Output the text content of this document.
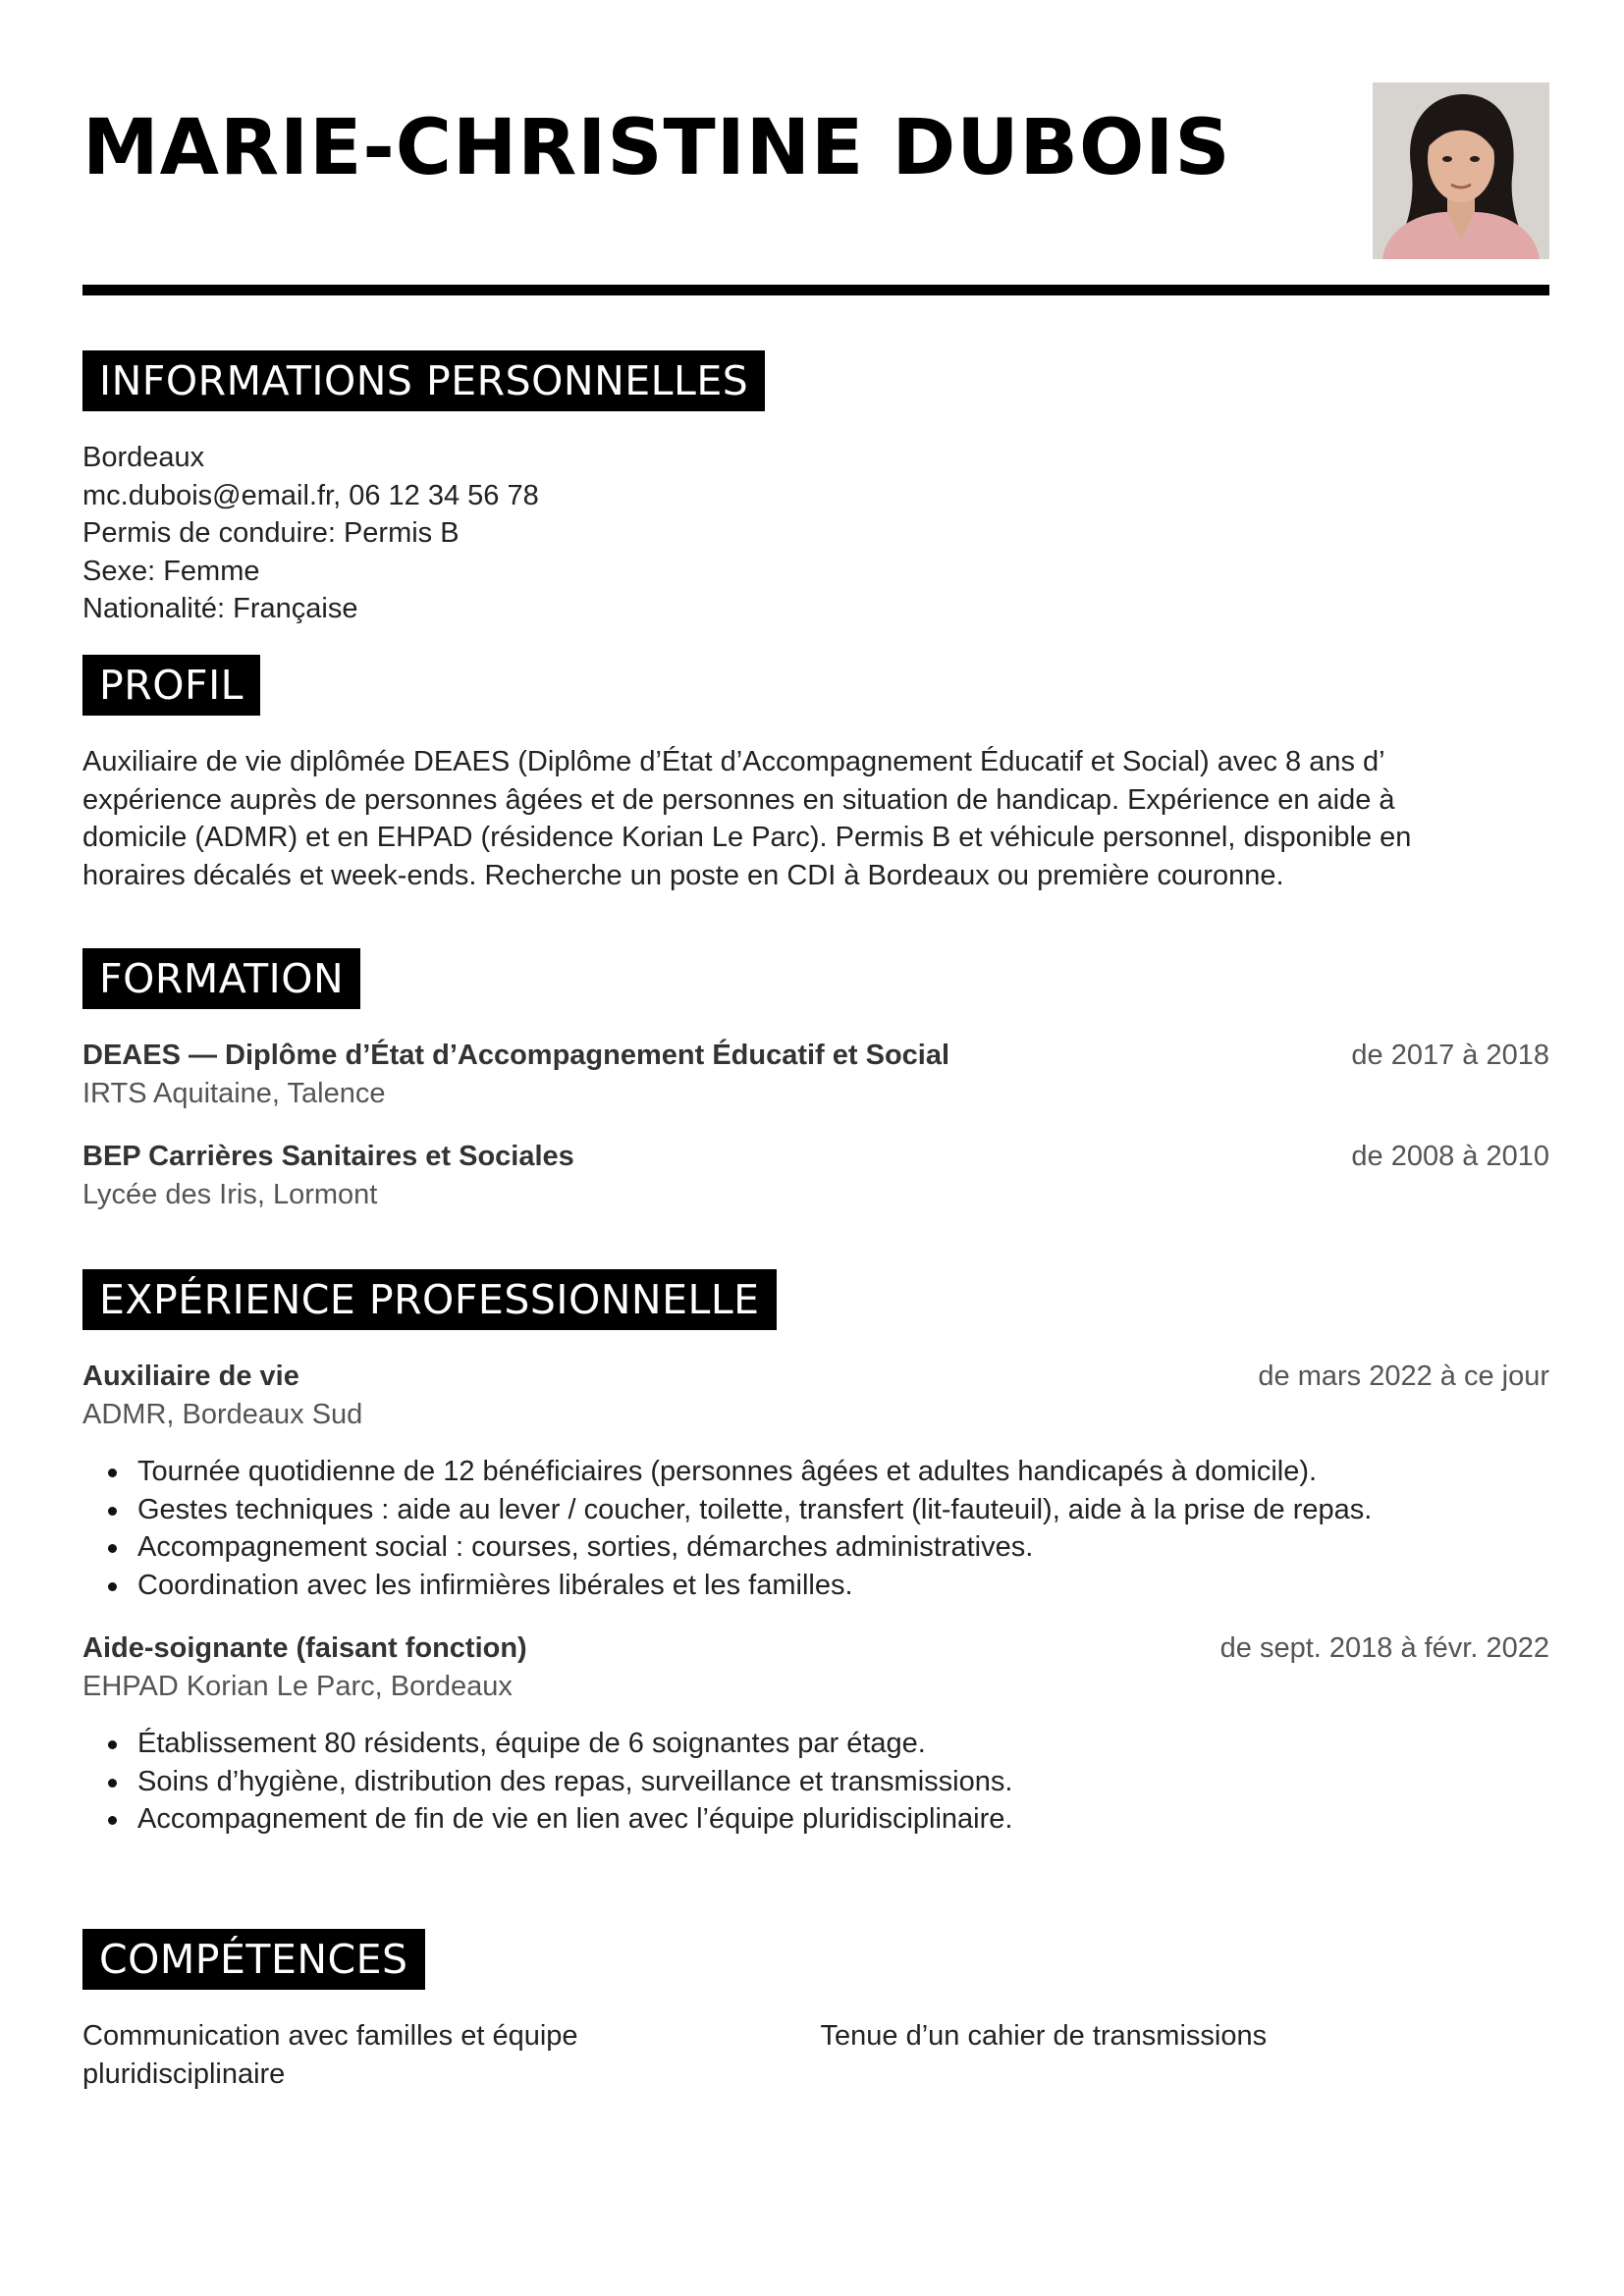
MARIE-CHRISTINE DUBOIS
INFORMATIONS PERSONNELLES
Bordeaux
mc.dubois@email.fr, 06 12 34 56 78
Permis de conduire: Permis B
Sexe: Femme
Nationalité: Française
PROFIL
Auxiliaire de vie diplômée DEAES (Diplôme d’État d’Accompagnement Éducatif et Social) avec 8 ans d’
expérience auprès de personnes âgées et de personnes en situation de handicap. Expérience en aide à
domicile (ADMR) et en EHPAD (résidence Korian Le Parc). Permis B et véhicule personnel, disponible en
horaires décalés et week-ends. Recherche un poste en CDI à Bordeaux ou première couronne.
FORMATION
DEAES — Diplôme d’État d’Accompagnement Éducatif et Social	de 2017 à 2018
IRTS Aquitaine, Talence
BEP Carrières Sanitaires et Sociales	de 2008 à 2010
Lycée des Iris, Lormont
EXPÉRIENCE PROFESSIONNELLE
Auxiliaire de vie	de mars 2022 à ce jour
ADMR, Bordeaux Sud
Tournée quotidienne de 12 bénéficiaires (personnes âgées et adultes handicapés à domicile).
Gestes techniques : aide au lever / coucher, toilette, transfert (lit-fauteuil), aide à la prise de repas.
Accompagnement social : courses, sorties, démarches administratives.
Coordination avec les infirmières libérales et les familles.
Aide-soignante (faisant fonction)	de sept. 2018 à févr. 2022
EHPAD Korian Le Parc, Bordeaux
Établissement 80 résidents, équipe de 6 soignantes par étage.
Soins d’hygiène, distribution des repas, surveillance et transmissions.
Accompagnement de fin de vie en lien avec l’équipe pluridisciplinaire.
COMPÉTENCES
Communication avec familles et équipe pluridisciplinaire
Tenue d’un cahier de transmissions
